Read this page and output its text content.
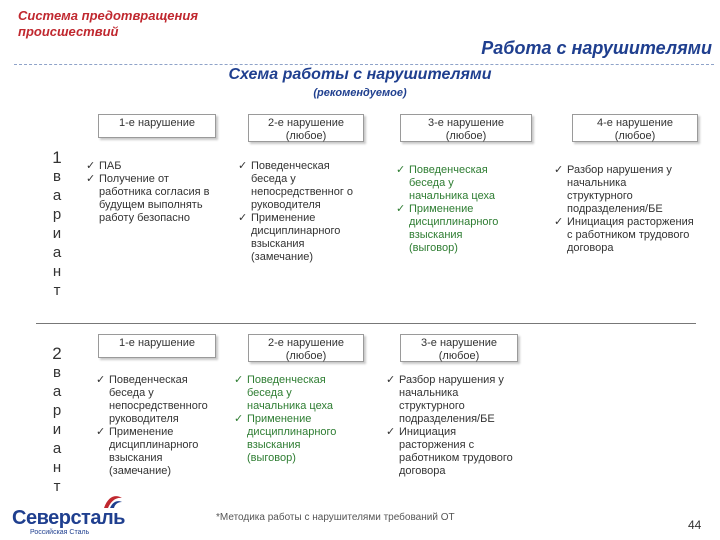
Система предотвращения происшествий
Работа с нарушителями
Схема работы с нарушителями
(рекомендуемое)
1
в
а
р
и
а
н
т
1-е нарушение	2-е нарушение
(любое)
3-е нарушение
(любое)
4-е нарушение
(любое)
✓ ПАБ
✓ Получение от работника согласия в будущем выполнять работу безопасно
✓ Поведенческая беседа у непосредственног о руководителя
✓ Применение дисциплинарного взыскания (замечание)
✓ Поведенческая беседа у начальника цеха
✓ Применение дисциплинарного взыскания (выговор)
✓ Разбор нарушения у начальника структурного подразделения/БЕ
✓ Инициация расторжения с работником трудового договора
2
в
а
р
и
а
н
т
1-е нарушение	2-е нарушение
(любое)
3-е нарушение
(любое)
✓ Поведенческая беседа у непосредственного руководителя
✓ Применение дисциплинарного взыскания (замечание)
✓ Поведенческая беседа у начальника цеха
✓ Применение дисциплинарного взыскания (выговор)
✓ Разбор нарушения у начальника структурного подразделения/БЕ
✓ Инициация расторжения с работником трудового договора
Северсталь
Российская Сталь
*Методика работы с нарушителями требований ОТ
44
